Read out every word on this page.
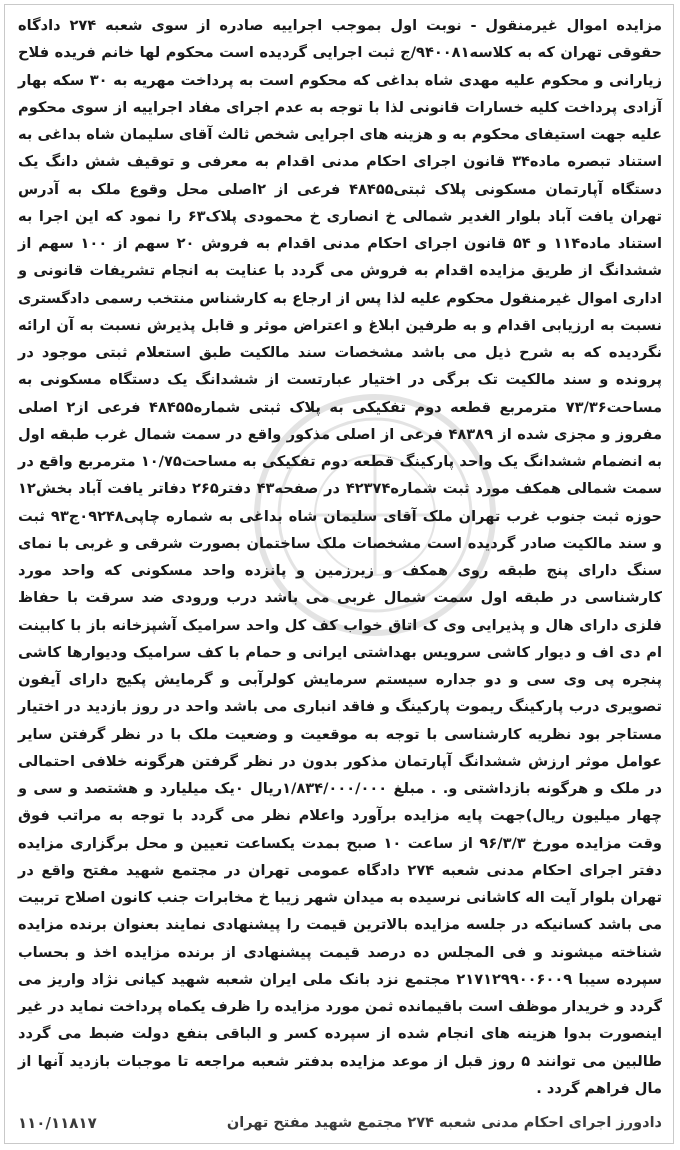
مزایده اموال غیرمنقول - نوبت اول بموجب اجراییه صادره از سوی شعبه ۲۷۴ دادگاه حقوقی تهران که به کلاسه۹۴۰۰۸۱/ج ثبت اجرایی گردیده است محکوم لها خانم فریده فلاح زیارانی و محکوم علیه مهدی شاه بداغی که محکوم است به پرداخت مهریه به ۳۰ سکه بهار آزادی پرداخت کلیه خسارات قانونی لذا با توجه به عدم اجرای مفاد اجراییه از سوی محکوم علیه جهت استیفای محکوم به و هزینه های اجرایی شخص ثالث آقای سلیمان شاه بداغی به استناد تبصره ماده۳۴ قانون اجرای احکام مدنی اقدام به معرفی و توقیف شش دانگ یک دستگاه آپارتمان مسکونی پلاک ثبتی۴۸۴۵۵ فرعی از ۲اصلی محل وقوع ملک به آدرس تهران یافت آباد بلوار الغدیر شمالی خ انصاری خ محمودی پلاک۶۳ را نمود که این اجرا به استناد ماده۱۱۴ و ۵۴ قانون اجرای احکام مدنی اقدام به فروش ۲۰ سهم از ۱۰۰ سهم از ششدانگ از طریق مزایده اقدام به فروش می گردد با عنایت به انجام تشریفات قانونی و اداری اموال غیرمنقول محکوم علیه لذا پس از ارجاع به کارشناس منتخب رسمی دادگستری نسبت به ارزیابی اقدام و به طرفین ابلاغ و اعتراض موثر و قابل پذیرش نسبت به آن ارائه نگردیده که به شرح ذیل می باشد مشخصات سند مالکیت طبق استعلام ثبتی موجود در پرونده و سند مالکیت تک برگی در اختیار عبارتست از ششدانگ یک دستگاه مسکونی به مساحت۷۳/۳۶ مترمربع قطعه دوم تفکیکی به پلاک ثبتی شماره۴۸۴۵۵ فرعی از۲ اصلی مفروز و مجزی شده از ۴۸۳۸۹ فرعی از اصلی مذکور واقع در سمت شمال غرب طبقه اول به انضمام ششدانگ یک واحد پارکینگ قطعه دوم تفکیکی به مساحت۱۰/۷۵ مترمربع واقع در سمت شمالی همکف مورد ثبت شماره۴۲۳۷۴ در صفحه۴۳ دفتر۲۶۵ دفاتر یافت آباد بخش۱۲ حوزه ثبت جنوب غرب تهران ملک آقای سلیمان شاه بداغی به شماره چاپی۰۹۲۴۸ج۹۳ ثبت و سند مالکیت صادر گردیده است مشخصات ملک ساختمان بصورت شرقی و غربی با نمای سنگ دارای پنج طبقه روی همکف و زیرزمین و پانزده واحد مسکونی که واحد مورد کارشناسی در طبقه اول سمت شمال غربی می باشد درب ورودی ضد سرقت با حفاظ فلزی دارای هال و پذیرایی وی ک اتاق خواب کف کل واحد سرامیک آشپزخانه باز با کابینت ام دی اف و دیوار کاشی سرویس بهداشتی ایرانی و حمام با کف سرامیک ودیوارها کاشی پنجره پی وی سی و دو جداره سیستم سرمایش کولرآبی و گرمایش پکیج دارای آیفون تصویری درب پارکینگ ریموت پارکینگ و فاقد انباری می باشد واحد در روز بازدید در اختیار مستاجر بود نظریه کارشناسی با توجه به موقعیت و وضعیت ملک با در نظر گرفتن سایر عوامل موثر ارزش ششدانگ آپارتمان مذکور بدون در نظر گرفتن هرگونه خلافی احتمالی در ملک و هرگونه بازداشتی و. . مبلغ ۱/۸۳۴/۰۰۰/۰۰۰ریال ۰یک میلیارد و هشتصد و سی و چهار میلیون ریال)جهت پایه مزایده برآورد واعلام نظر می گردد با توجه به مراتب فوق وقت مزایده مورخ ۹۶/۳/۳ از ساعت ۱۰ صبح بمدت یکساعت تعیین و محل برگزاری مزایده دفتر اجرای احکام مدنی شعبه ۲۷۴ دادگاه عمومی تهران در مجتمع شهید مفتح واقع در تهران بلوار آیت اله کاشانی نرسیده به میدان شهر زیبا خ مخابرات جنب کانون اصلاح تربیت می باشد کسانیکه در جلسه مزایده بالاترین قیمت را پیشنهادی نمایند بعنوان برنده مزایده شناخته میشوند و فی المجلس ده درصد قیمت پیشنهادی از برنده مزایده اخذ و بحساب سپرده سیبا ۲۱۷۱۲۹۹۰۰۶۰۰۹ مجتمع نزد بانک ملی ایران شعبه شهید کیانی نژاد واریز می گردد و خریدار موظف است باقیمانده ثمن مورد مزایده را ظرف یکماه پرداخت نماید در غیر اینصورت بدوا هزینه های انجام شده از سپرده کسر و الباقی بنفع دولت ضبط می گردد طالبین می توانند ۵ روز قبل از موعد مزایده بدفتر شعبه مراجعه تا موجبات بازدید آنها از مال فراهم گردد .

دادورز اجرای احکام مدنی شعبه ۲۷۴ مجتمع شهید مفتح تهران
۱۱۰/۱۱۸۱۷
